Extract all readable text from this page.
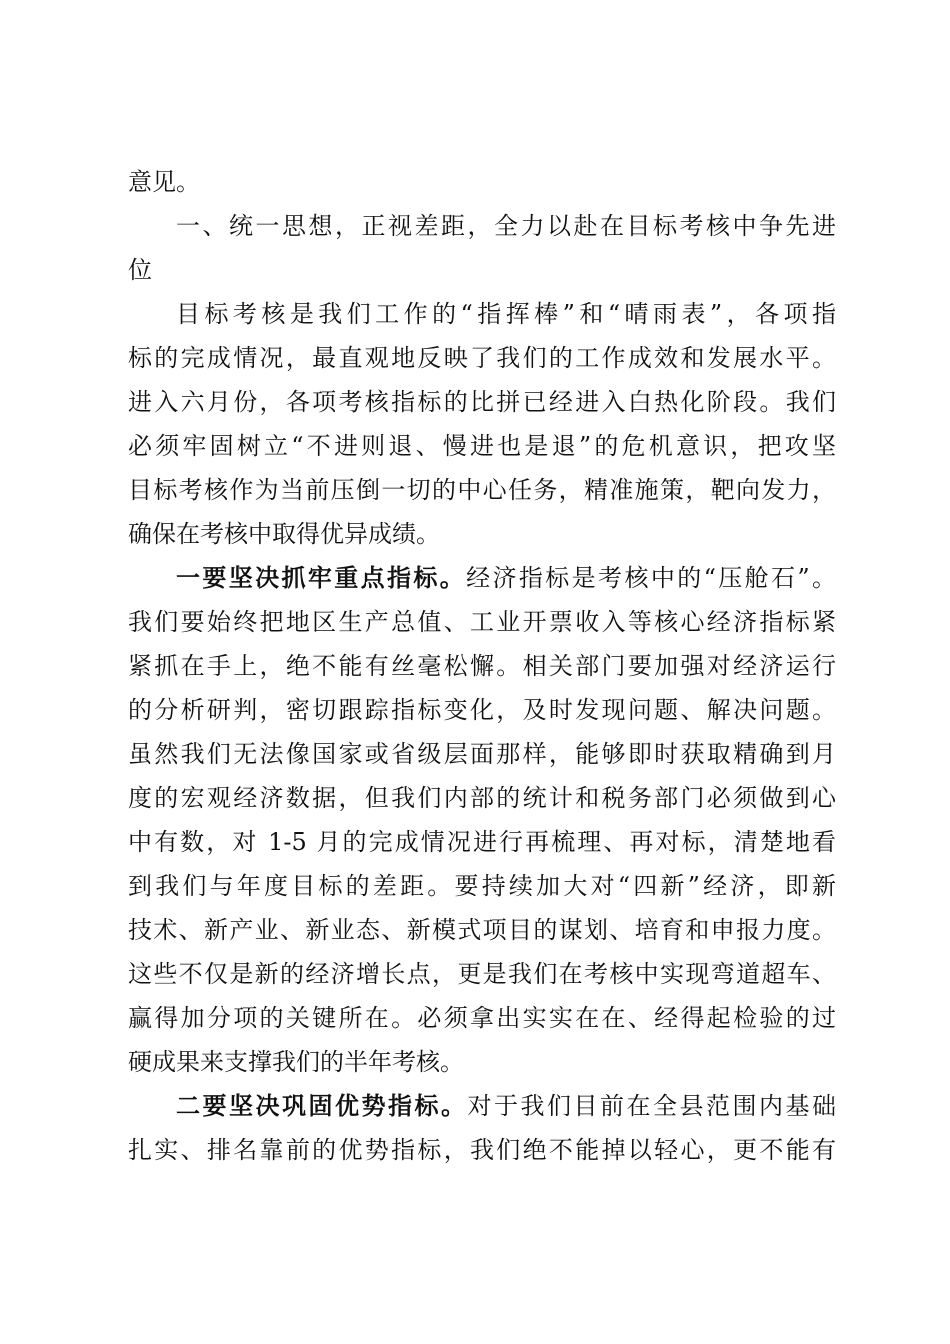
意见。
一、统一思想，正视差距，全力以赴在目标考核中争先进
位
目标考核是我们工作的“指挥棒”和“晴雨表”，各项指
标的完成情况，最直观地反映了我们的工作成效和发展水平。
进入六月份，各项考核指标的比拼已经进入白热化阶段。我们
必须牢固树立“不进则退、慢进也是退”的危机意识，把攻坚
目标考核作为当前压倒一切的中心任务，精准施策，靶向发力，
确保在考核中取得优异成绩。
一要坚决抓牢重点指标。经济指标是考核中的“压舱石”。
我们要始终把地区生产总值、工业开票收入等核心经济指标紧
紧抓在手上，绝不能有丝毫松懈。相关部门要加强对经济运行
的分析研判，密切跟踪指标变化，及时发现问题、解决问题。
虽然我们无法像国家或省级层面那样，能够即时获取精确到月
度的宏观经济数据，但我们内部的统计和税务部门必须做到心
中有数，对 1-5 月的完成情况进行再梳理、再对标，清楚地看
到我们与年度目标的差距。要持续加大对“四新”经济，即新
技术、新产业、新业态、新模式项目的谋划、培育和申报力度。
这些不仅是新的经济增长点，更是我们在考核中实现弯道超车、
赢得加分项的关键所在。必须拿出实实在在、经得起检验的过
硬成果来支撑我们的半年考核。
二要坚决巩固优势指标。对于我们目前在全县范围内基础
扎实、排名靠前的优势指标，我们绝不能掉以轻心，更不能有
